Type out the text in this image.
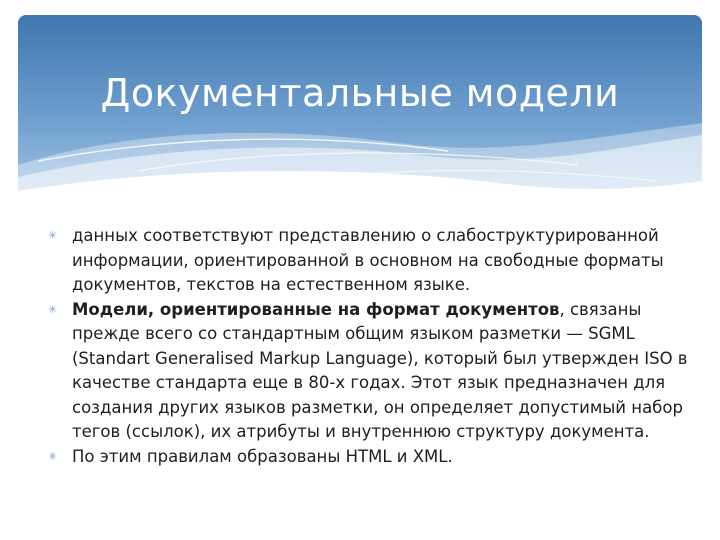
Документальные модели
✳ данных соответствуют представлению о слабоструктурированной информации, ориентированной в основном на свободные форматы документов, текстов на естественном языке.
✳ Модели, ориентированные на формат документов, связаны прежде всего со стандартным общим языком разметки — SGML (Standart Generalised Markup Language), который был утвержден ISO в качестве стандарта еще в 80-х годах. Этот язык предназначен для создания других языков разметки, он определяет допустимый набор тегов (ссылок), их атрибуты и внутреннюю структуру документа.
✳ По этим правилам образованы HTML и XML.
